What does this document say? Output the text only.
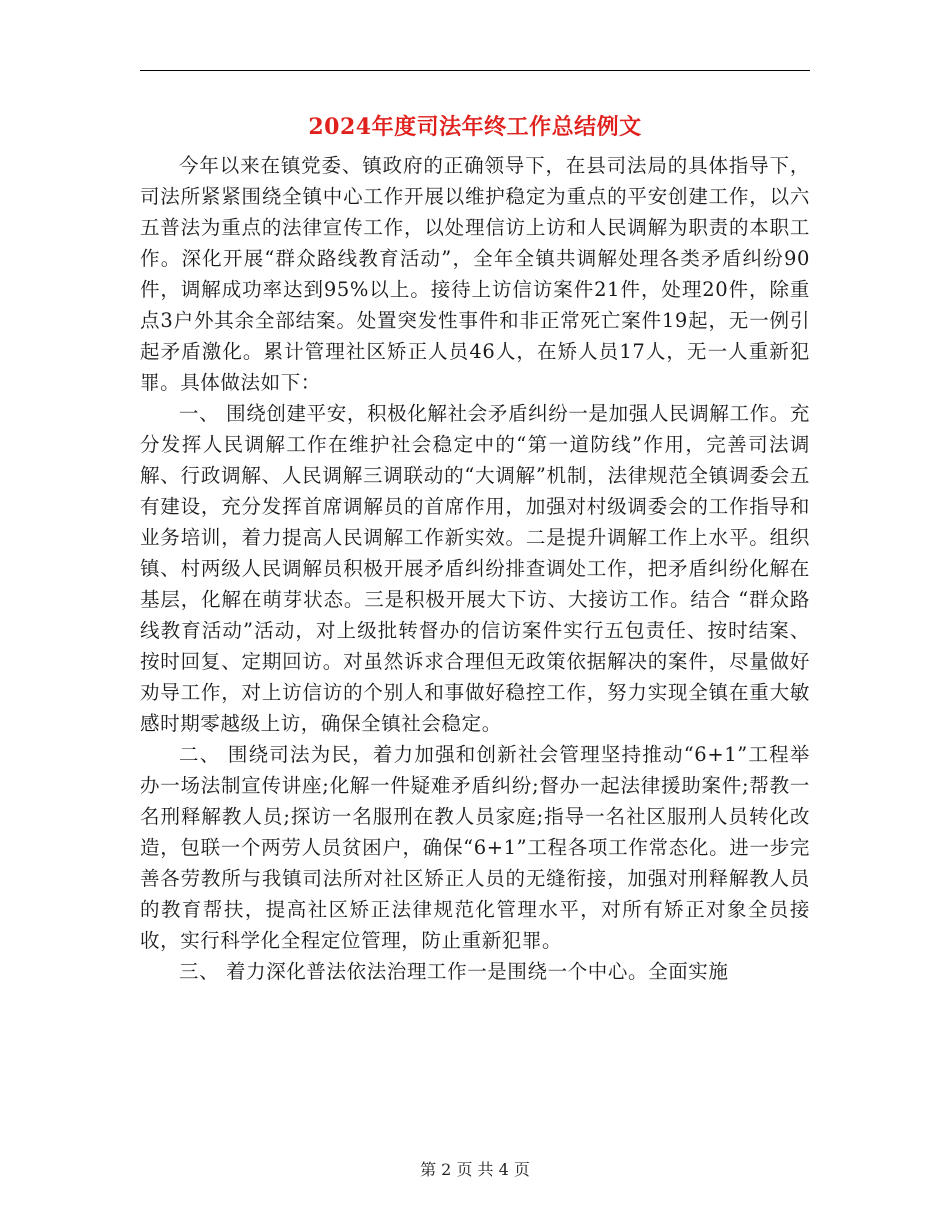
2024年度司法年终工作总结例文

今年以来在镇党委、镇政府的正确领导下，在县司法局的具体指导下，司法所紧紧围绕全镇中心工作开展以维护稳定为重点的平安创建工作，以六五普法为重点的法律宣传工作，以处理信访上访和人民调解为职责的本职工作。深化开展“群众路线教育活动”，全年全镇共调解处理各类矛盾纠纷90件，调解成功率达到95%以上。接待上访信访案件21件，处理20件，除重点3户外其余全部结案。处置突发性事件和非正常死亡案件19起，无一例引起矛盾激化。累计管理社区矫正人员46人，在矫人员17人，无一人重新犯罪。具体做法如下：

一、 围绕创建平安，积极化解社会矛盾纠纷一是加强人民调解工作。充分发挥人民调解工作在维护社会稳定中的“第一道防线”作用，完善司法调解、行政调解、人民调解三调联动的“大调解”机制，法律规范全镇调委会五有建设，充分发挥首席调解员的首席作用，加强对村级调委会的工作指导和业务培训，着力提高人民调解工作新实效。二是提升调解工作上水平。组织镇、村两级人民调解员积极开展矛盾纠纷排查调处工作，把矛盾纠纷化解在基层，化解在萌芽状态。三是积极开展大下访、大接访工作。结合 “群众路线教育活动”活动，对上级批转督办的信访案件实行五包责任、按时结案、按时回复、定期回访。对虽然诉求合理但无政策依据解决的案件，尽量做好劝导工作，对上访信访的个别人和事做好稳控工作，努力实现全镇在重大敏感时期零越级上访，确保全镇社会稳定。

二、 围绕司法为民，着力加强和创新社会管理坚持推动“6+1”工程举办一场法制宣传讲座;化解一件疑难矛盾纠纷;督办一起法律援助案件;帮教一名刑释解教人员;探访一名服刑在教人员家庭;指导一名社区服刑人员转化改造，包联一个两劳人员贫困户，确保“6+1”工程各项工作常态化。进一步完善各劳教所与我镇司法所对社区矫正人员的无缝衔接，加强对刑释解教人员的教育帮扶，提高社区矫正法律规范化管理水平，对所有矫正对象全员接收，实行科学化全程定位管理，防止重新犯罪。

三、 着力深化普法依法治理工作一是围绕一个中心。全面实施

第 2 页 共 4 页
